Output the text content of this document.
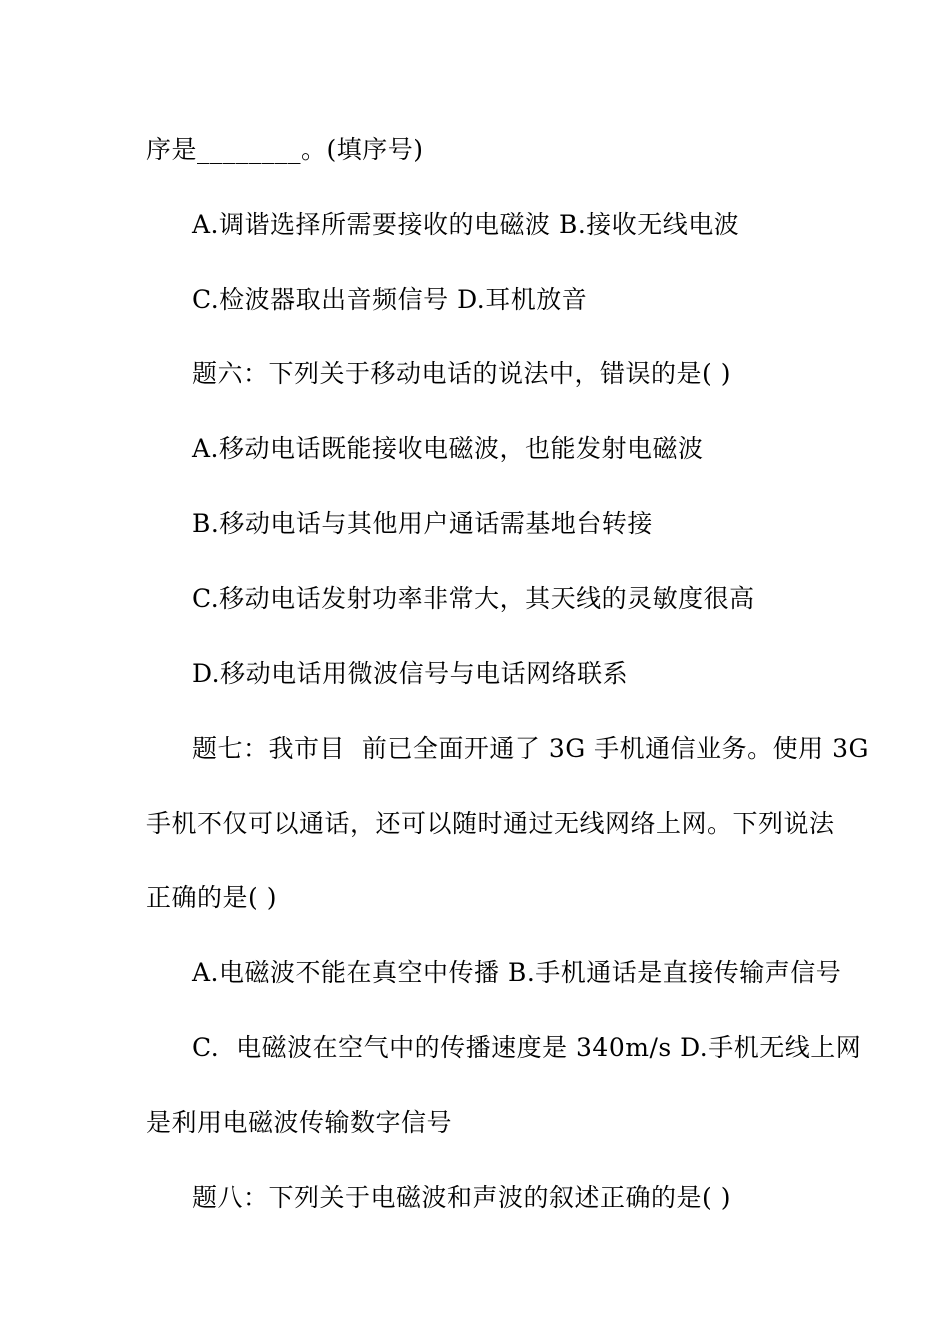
序是________。(填序号)
A.调谐选择所需要接收的电磁波 B.接收无线电波
C.检波器取出音频信号 D.耳机放音
题六：下列关于移动电话的说法中，错误的是( )
A.移动电话既能接收电磁波，也能发射电磁波
B.移动电话与其他用户通话需基地台转接
C.移动电话发射功率非常大，其天线的灵敏度很高
D.移动电话用微波信号与电话网络联系
题七：我市目  前已全面开通了 3G 手机通信业务。使用 3G
手机不仅可以通话，还可以随时通过无线网络上网。下列说法
正确的是( )
A.电磁波不能在真空中传播 B.手机通话是直接传输声信号
C.  电磁波在空气中的传播速度是 340m/s D.手机无线上网
是利用电磁波传输数字信号
题八：下列关于电磁波和声波的叙述正确的是( )
